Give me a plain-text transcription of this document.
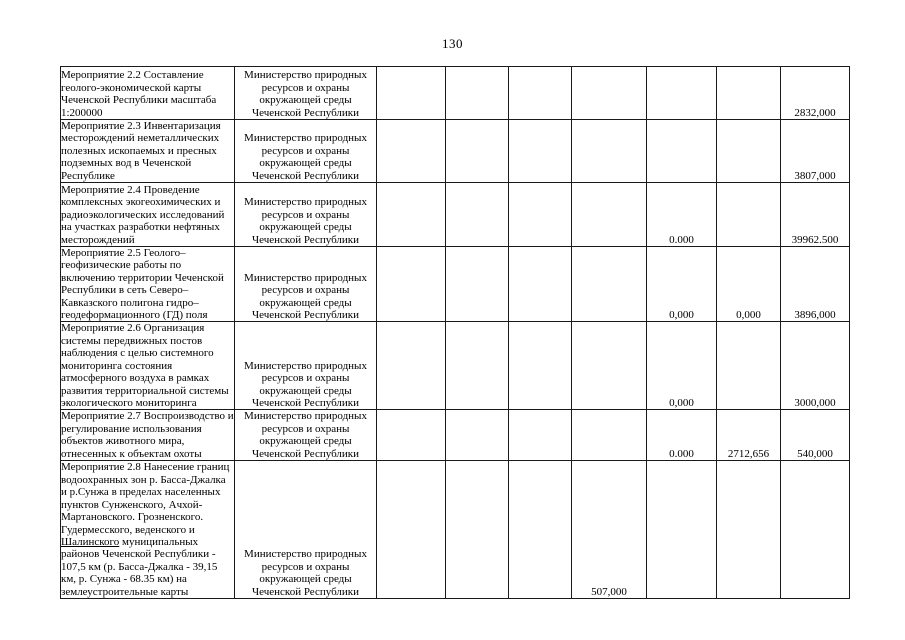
130
Мероприятие 2.2 Составление геолого-экономической карты Чеченской Республики масштаба 1:200000	Министерство природных ресурсов и охраны окружающей среды Чеченской Республики							2832,000
Мероприятие 2.3 Инвентаризация месторождений неметаллических полезных ископаемых и пресных подземных вод в Чеченской Республике	Министерство природных ресурсов и охраны окружающей среды Чеченской Республики							3807,000
Мероприятие 2.4 Проведение комплексных экогеохимических и радиоэкологических исследований на участках разработки нефтяных месторождений	Министерство природных ресурсов и охраны окружающей среды Чеченской Республики					0.000		39962.500
Мероприятие 2.5 Геолого–геофизические работы по включению территории Чеченской Республики в сеть Северо–Кавказского полигона гидро–геодеформационного (ГД) поля	Министерство природных ресурсов и охраны окружающей среды Чеченской Республики					0,000	0,000	3896,000
Мероприятие 2.6 Организация системы передвижных постов наблюдения с целью системного мониторинга состояния атмосферного воздуха в рамках развития территориальной системы экологического мониторинга	Министерство природных ресурсов и охраны окружающей среды Чеченской Республики					0,000		3000,000
Мероприятие 2.7 Воспроизводство и регулирование использования объектов животного мира, отнесенных к объектам охоты	Министерство природных ресурсов и охраны окружающей среды Чеченской Республики					0.000	2712,656	540,000
Мероприятие 2.8 Нанесение границ водоохранных зон р. Басса-Джалка и р.Сунжа в пределах населенных пунктов Сунженского, Ачхой-Мартановского. Грозненского. Гудермесского, веденского и Шалинского муниципальных районов Чеченской Республики - 107,5 км (р. Басса-Джалка - 39,15 км, р. Сунжа - 68.35 км) на землеустроительные карты	Министерство природных ресурсов и охраны окружающей среды Чеченской Республики				507,000			
